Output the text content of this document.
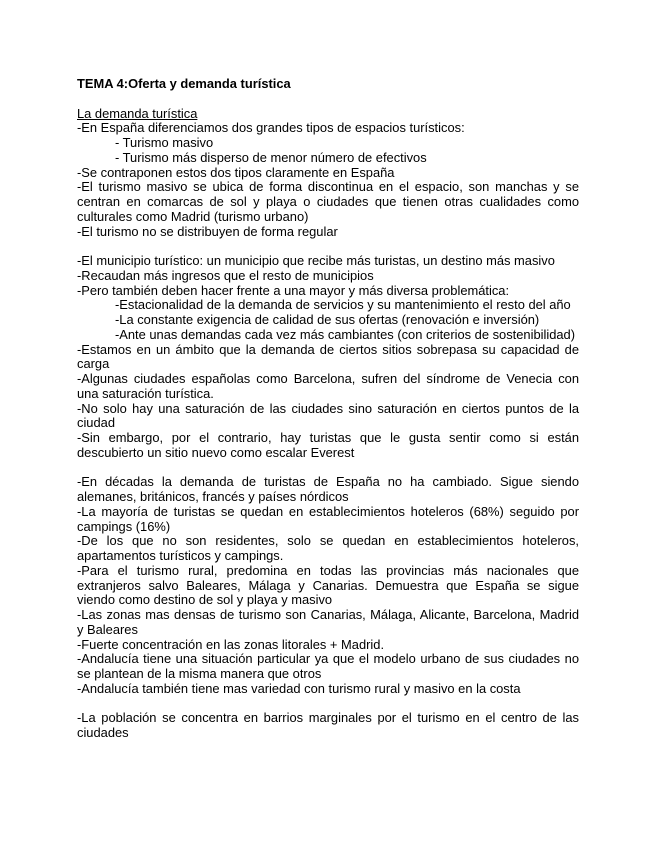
TEMA 4:Oferta y demanda turística

La demanda turística

-En España diferenciamos dos grandes tipos de espacios turísticos:

- Turismo masivo

- Turismo más disperso de menor número de efectivos

-Se contraponen estos dos tipos claramente en España

-El turismo masivo se ubica de forma discontinua en el espacio, son manchas y se centran en comarcas de sol y playa o ciudades que tienen otras cualidades como culturales como Madrid (turismo urbano)

-El turismo no se distribuyen de forma regular

-El municipio turístico: un municipio que recibe más turistas, un destino más masivo

-Recaudan más ingresos que el resto de municipios

-Pero también deben hacer frente a una mayor y más diversa problemática:

-Estacionalidad de la demanda de servicios y su mantenimiento el resto del año

-La constante exigencia de calidad de sus ofertas (renovación e inversión)

-Ante unas demandas cada vez más cambiantes (con criterios de sostenibilidad)

-Estamos en un ámbito que la demanda de ciertos sitios sobrepasa su capacidad de carga

-Algunas ciudades españolas como Barcelona, sufren del síndrome de Venecia con una saturación turística.

-No solo hay una saturación de las ciudades sino saturación en ciertos puntos de la ciudad

-Sin embargo, por el contrario, hay turistas que le gusta sentir como si están descubierto un sitio nuevo como escalar Everest

-En décadas la demanda de turistas de España no ha cambiado. Sigue siendo alemanes, británicos, francés y países nórdicos

-La mayoría de turistas se quedan en establecimientos hoteleros (68%) seguido por campings (16%)

-De los que no son residentes, solo se quedan en establecimientos hoteleros, apartamentos turísticos y campings.

-Para el turismo rural, predomina en todas las provincias más nacionales que extranjeros salvo Baleares, Málaga y Canarias. Demuestra que España se sigue viendo como destino de sol y playa y masivo

-Las zonas mas densas de turismo son Canarias, Málaga, Alicante, Barcelona, Madrid y Baleares

-Fuerte concentración en las zonas litorales + Madrid.

-Andalucía tiene una situación particular ya que el modelo urbano de sus ciudades no se plantean de la misma manera que otros

-Andalucía también tiene mas variedad con turismo rural y masivo en la costa

-La población se concentra en barrios marginales por el turismo en el centro de las ciudades
